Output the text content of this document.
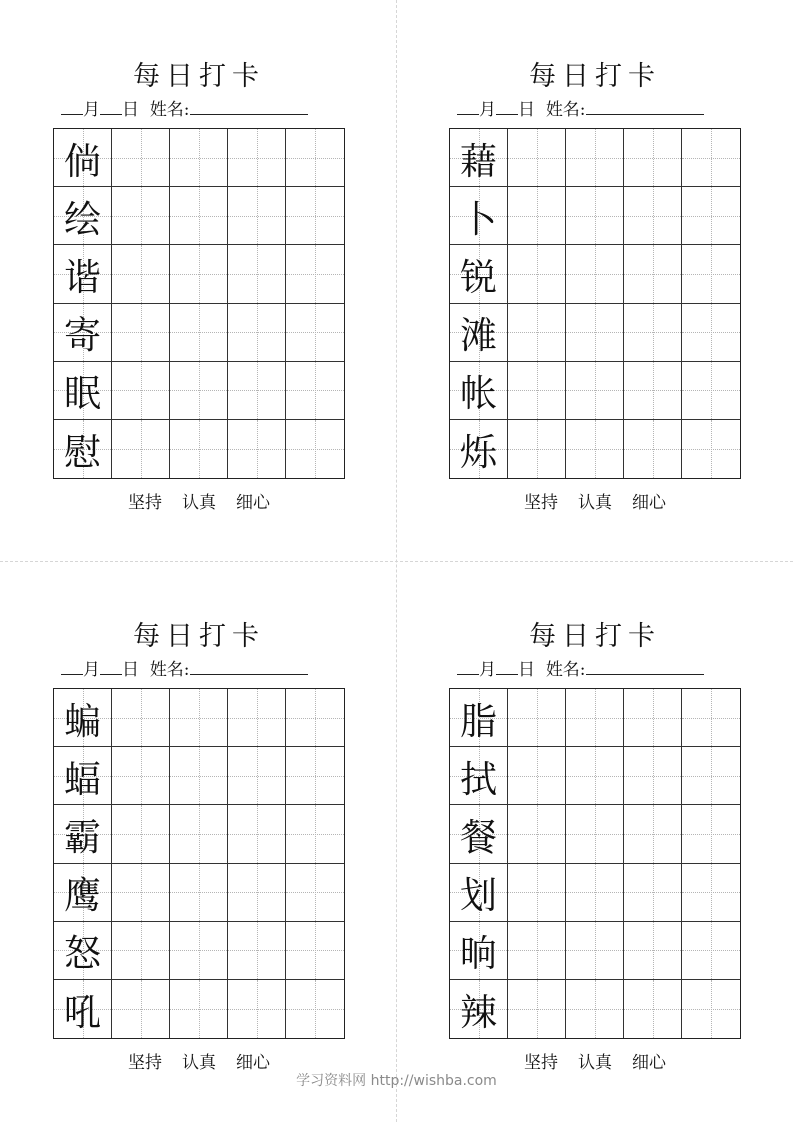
每日打卡
月 日 姓名:
倘
绘
谐
寄
眠
慰
坚持 认真 细心
每日打卡
月 日 姓名:
藉
卜
锐
滩
帐
烁
坚持 认真 细心
每日打卡
月 日 姓名:
蝙
蝠
霸
鹰
怒
吼
坚持 认真 细心
每日打卡
月 日 姓名:
脂
拭
餐
划
晌
辣
坚持 认真 细心
学习资料网 http://wishba.com
